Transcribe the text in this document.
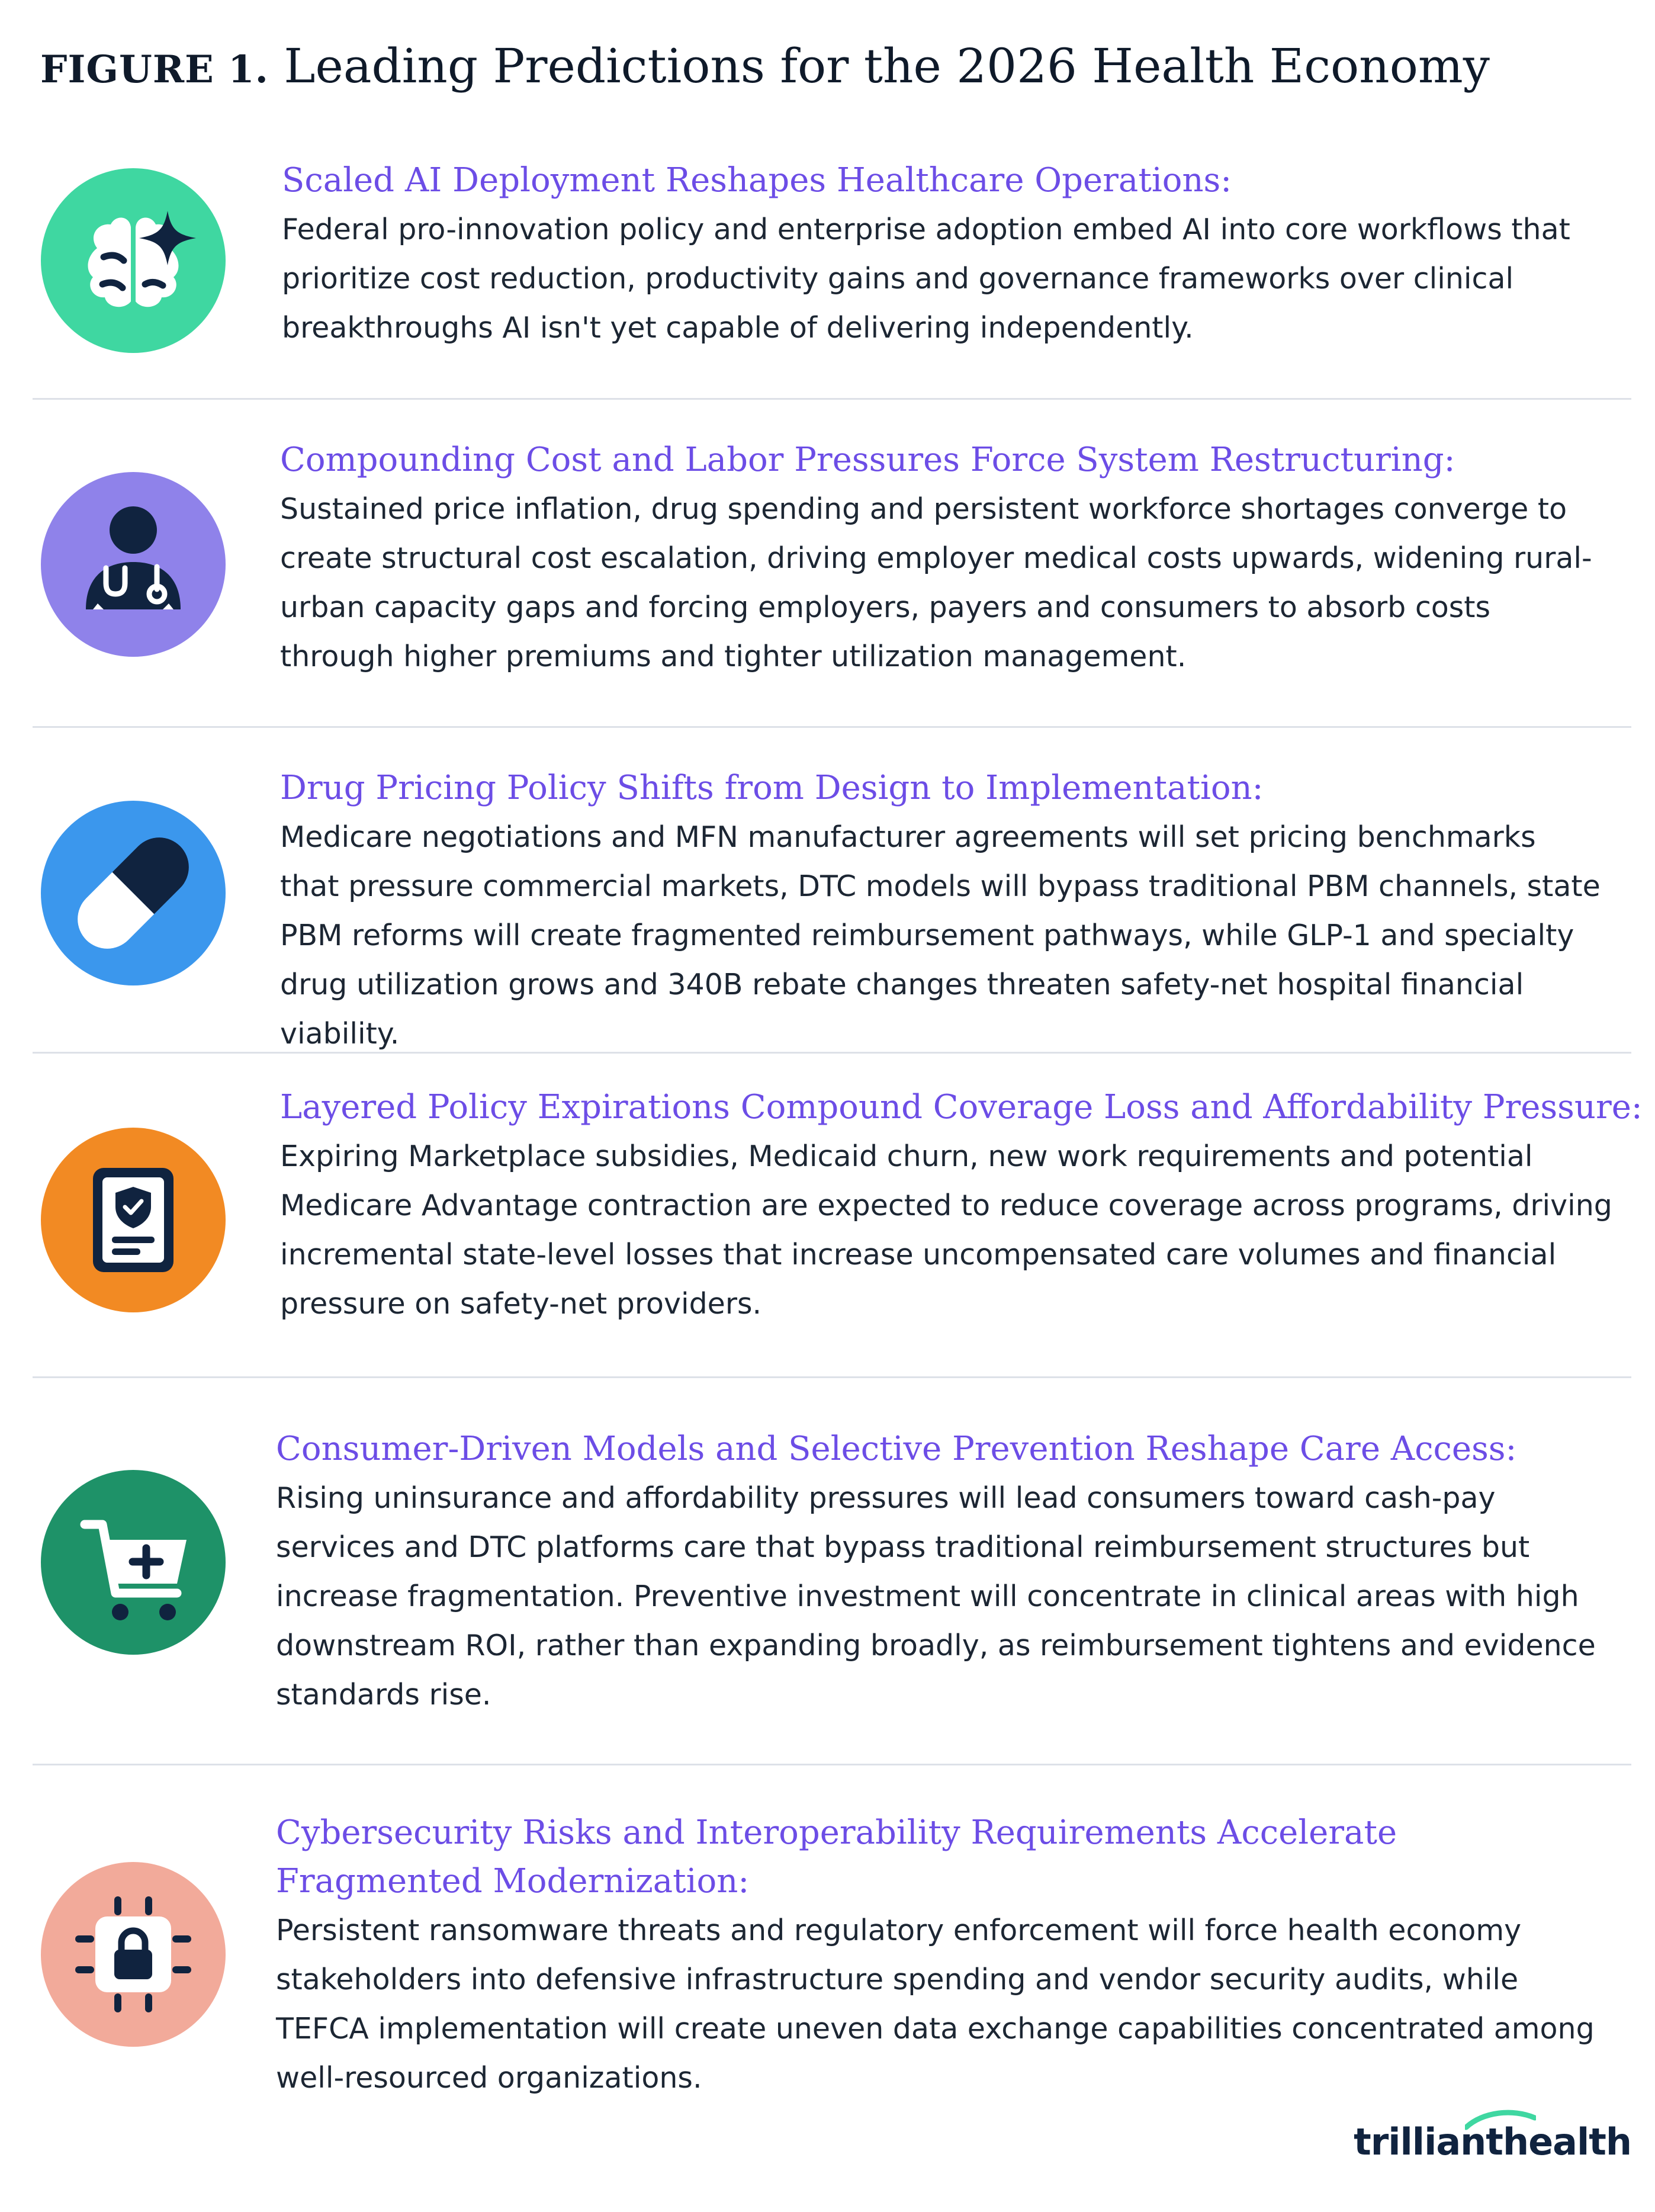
FIGURE 1. Leading Predictions for the 2026 Health Economy
Scaled AI Deployment Reshapes Healthcare Operations:

Federal pro-innovation policy and enterprise adoption embed AI into core workflows that prioritize cost reduction, productivity gains and governance frameworks over clinical breakthroughs AI isn't yet capable of delivering independently.

Compounding Cost and Labor Pressures Force System Restructuring:

Sustained price inflation, drug spending and persistent workforce shortages converge to create structural cost escalation, driving employer medical costs upwards, widening rural-urban capacity gaps and forcing employers, payers and consumers to absorb costs through higher premiums and tighter utilization management.

Drug Pricing Policy Shifts from Design to Implementation:

Medicare negotiations and MFN manufacturer agreements will set pricing benchmarks that pressure commercial markets, DTC models will bypass traditional PBM channels, state PBM reforms will create fragmented reimbursement pathways, while GLP-1 and specialty drug utilization grows and 340B rebate changes threaten safety-net hospital financial viability.

Layered Policy Expirations Compound Coverage Loss and Affordability Pressure:

Expiring Marketplace subsidies, Medicaid churn, new work requirements and potential Medicare Advantage contraction are expected to reduce coverage across programs, driving incremental state-level losses that increase uncompensated care volumes and financial pressure on safety-net providers.

Consumer-Driven Models and Selective Prevention Reshape Care Access:

Rising uninsurance and affordability pressures will lead consumers toward cash-pay services and DTC platforms care that bypass traditional reimbursement structures but increase fragmentation. Preventive investment will concentrate in clinical areas with high downstream ROI, rather than expanding broadly, as reimbursement tightens and evidence standards rise.

Cybersecurity Risks and Interoperability Requirements Accelerate Fragmented Modernization:

Persistent ransomware threats and regulatory enforcement will force health economy stakeholders into defensive infrastructure spending and vendor security audits, while TEFCA implementation will create uneven data exchange capabilities concentrated among well-resourced organizations.

trillianthealth
